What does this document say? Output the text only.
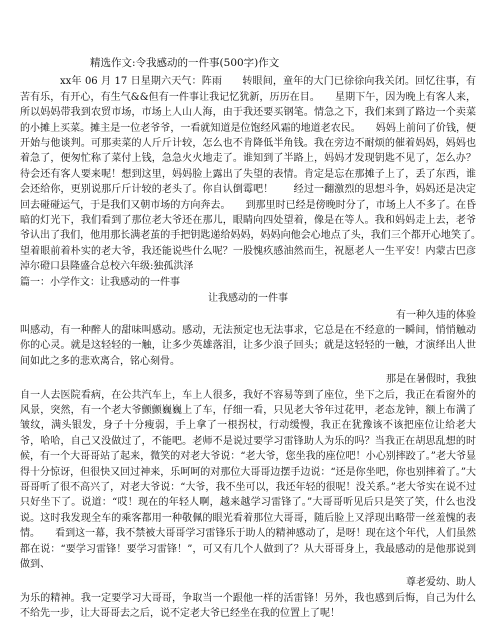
精选作文:令我感动的一件事(500字)作文

xx年 06 月 17 日星期六天气：阵雨　　转眼间，童年的大门已徐徐向我关闭。回忆往事，有苦有乐，有开心，有生气&&但有一件事让我记忆犹新，历历在目。　　星期下午，因为晚上有客人来，所以妈妈带我到农贸市场，市场上人山人海，由于我还要买钢笔。情急之下，我们来到了路边一个卖菜的小摊上买菜。摊主是一位老爷爷，一看就知道是位饱经风霜的地道老农民。　　妈妈上前问了价钱，便开始与他谈判。可那卖菜的人斤斤计较，怎么也不肯降低半角钱。我在旁边不耐烦的催着妈妈，妈妈也着急了，便匆忙称了菜付上钱，急急火火地走了。谁知到了半路上，妈妈才发现钥匙不见了，怎么办？待会还有客人要来呢！想到这里，妈妈脸上露出了失望的表情。肯定是忘在那摊子上了，丢了东西，谁会还给你，更别说那斤斤计较的老头了。你自认倒霉吧！　　经过一翻激烈的思想斗争，妈妈还是决定回去碰碰运气，于是我们又朝市场的方向奔去。　　到那里时已经是傍晚时分了，市场上人不多了。在昏暗的灯光下，我们看到了那位老大爷还在那儿，眼睛向四处望着，像是在等人。我和妈妈走上去，老爷爷认出了我们，他用那长满老茧的手把钥匙递给妈妈，妈妈向他会心地点了头，我们三个都开心地笑了。　　望着眼前着朴实的老大爷，我还能说些什么呢？一股愧疚感油然而生，祝愿老人一生平安！内蒙古巴彦淖尔磴口县隆盛合总校六年级:独孤洪泽

篇一：小学作文：让我感动的一件事

让我感动的一件事
有一种久违的体验

叫感动，有一种醉人的甜味叫感动。感动，无法预定也无法事求，它总是在不经意的一瞬间，悄悄触动你的心灵。就是这轻轻的一触，让多少英雄落泪，让多少浪子回头；就是这轻轻的一触，才演绎出人世间如此之多的悲欢离合，铭心刻骨。

那是在暑假时，我独

自一人去医院看病，在公共汽车上，车上人很多，我好不容易等到了座位，坐下之后，我正在看窗外的风景，突然，有一个老大爷颤颤巍巍上了车，仔细一看，只见老大爷年过花甲，老态龙钟，额上布满了皱纹，满头银发，身子十分瘦弱，手上拿了一根拐杖，行动缓慢，我正在犹豫该不该把座位让给老大爷，哈哈，自己又没做过了，不能吧。老师不是说过要学习雷锋助人为乐的吗？当我正在胡思乱想的时候，有一个大哥哥站了起来，微笑的对老大爷说：“老大爷，您坐我的座位吧！小心别摔跤了。”老大爷显得十分惊讶，但很快又回过神来，乐呵呵的对那位大哥哥边摆手边说：“还是你坐吧，你也别摔着了。”大哥哥听了很不高兴了，对老大爷说：“大爷，我不坐可以，我还年轻的很呢！没关系。”老大爷实在说不过只好坐下了。说道：“哎！现在的年轻人啊，越来越学习雷锋了。”大哥哥听见后只是笑了笑，什么也没说。这时我发现全车的乘客都用一种敬佩的眼光看着那位大哥哥，随后脸上又浮现出略带一丝羞愧的表情。　　看到这一幕，我不禁被大哥哥学习雷锋乐于助人的精神感动了，是呀！现在这个年代，人们虽然都在说：“要学习雷锋！要学习雷锋！”，可又有几个人做到了？从大哥哥身上，我最感动的是他那说到做到、

尊老爱幼、助人

为乐的精神。我一定要学习大哥哥，争取当一个跟他一样的活雷锋！另外，我也感到后悔，自己为什么不给先一步，让大哥哥去之后，说不定老大爷已经坐在我的位置上了呢！
